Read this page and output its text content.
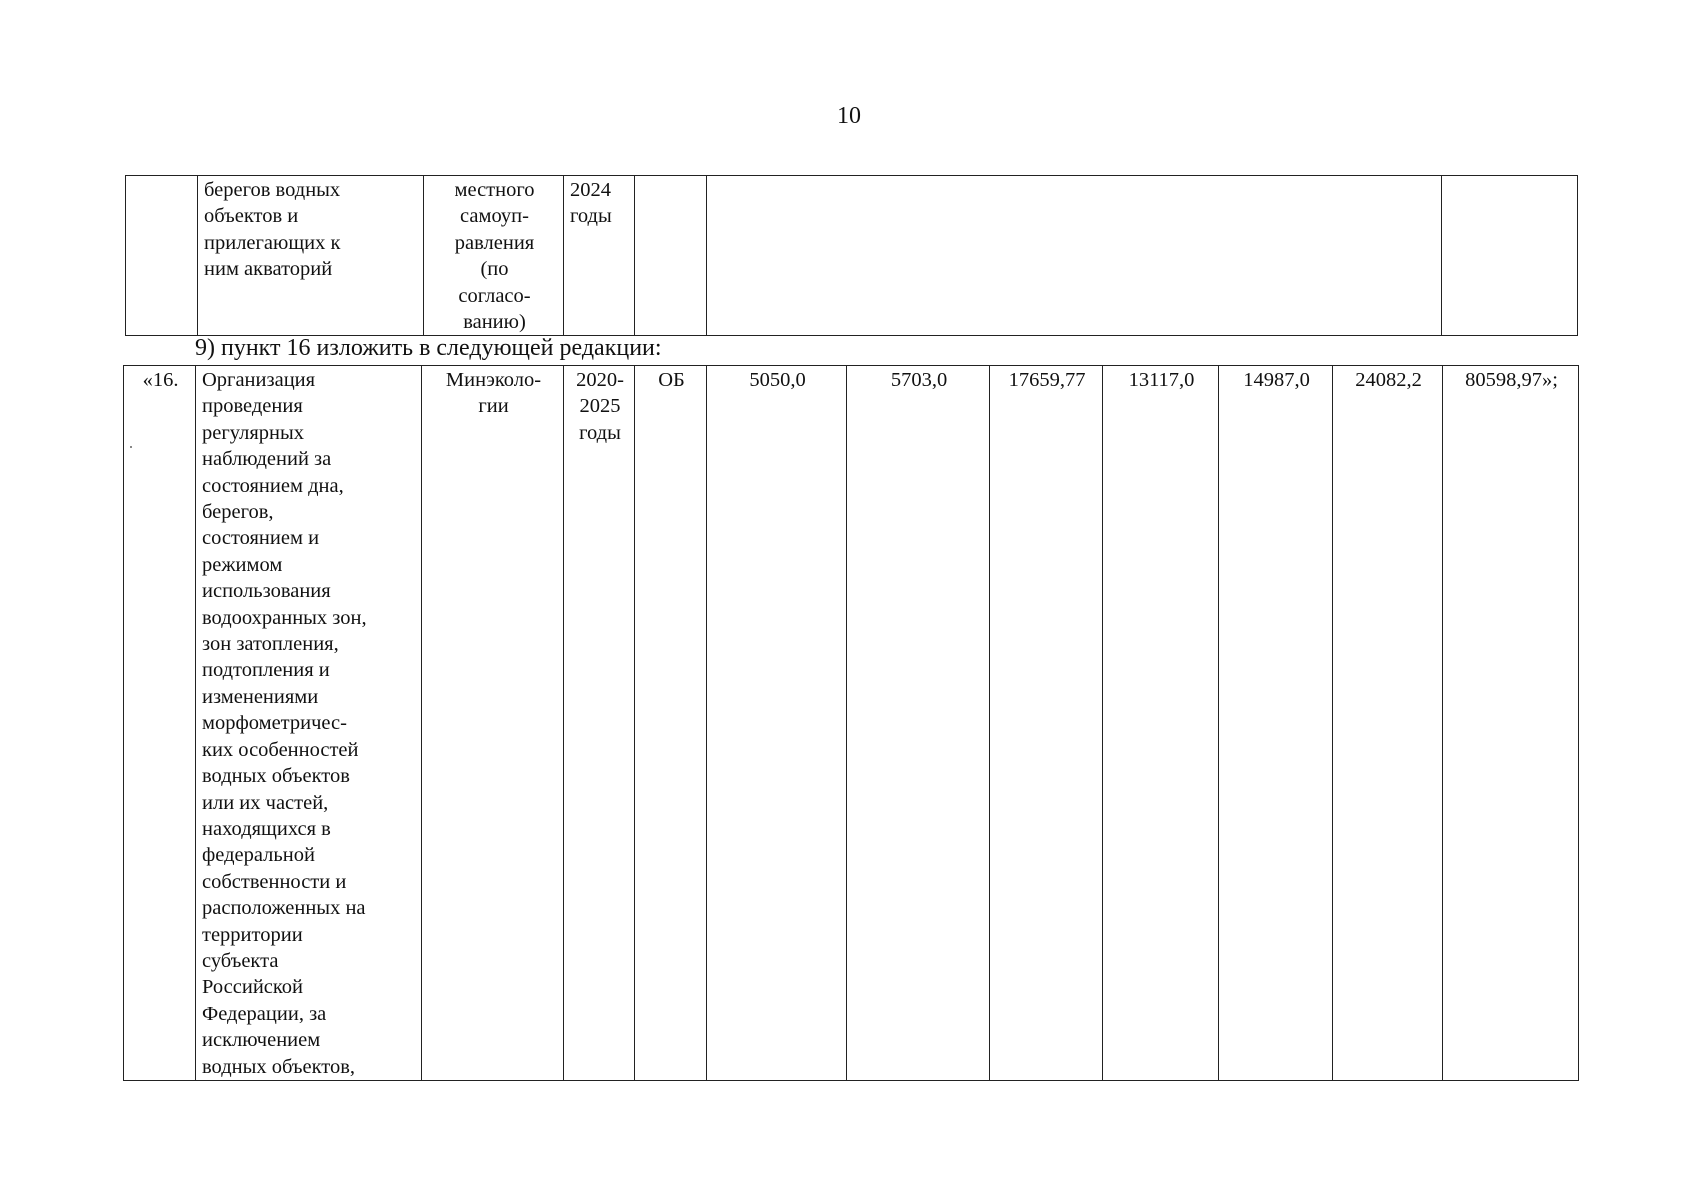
10
	берегов водных
объектов и
прилегающих к
ним акваторий	местного
самоуп-
равления
(по
согласо-
ванию)	2024
годы			
9) пункт 16 изложить в следующей редакции:
«16.	Организация
проведения
регулярных
наблюдений за
состоянием дна,
берегов,
состоянием и
режимом
использования
водоохранных зон,
зон затопления,
подтопления и
изменениями
морфометричес-
ких особенностей
водных объектов
или их частей,
находящихся в
федеральной
собственности и
расположенных на
территории
субъекта
Российской
Федерации, за
исключением
водных объектов,	Минэколо-
гии	2020-
2025
годы	ОБ	5050,0	5703,0	17659,77	13117,0	14987,0	24082,2	80598,97»;
